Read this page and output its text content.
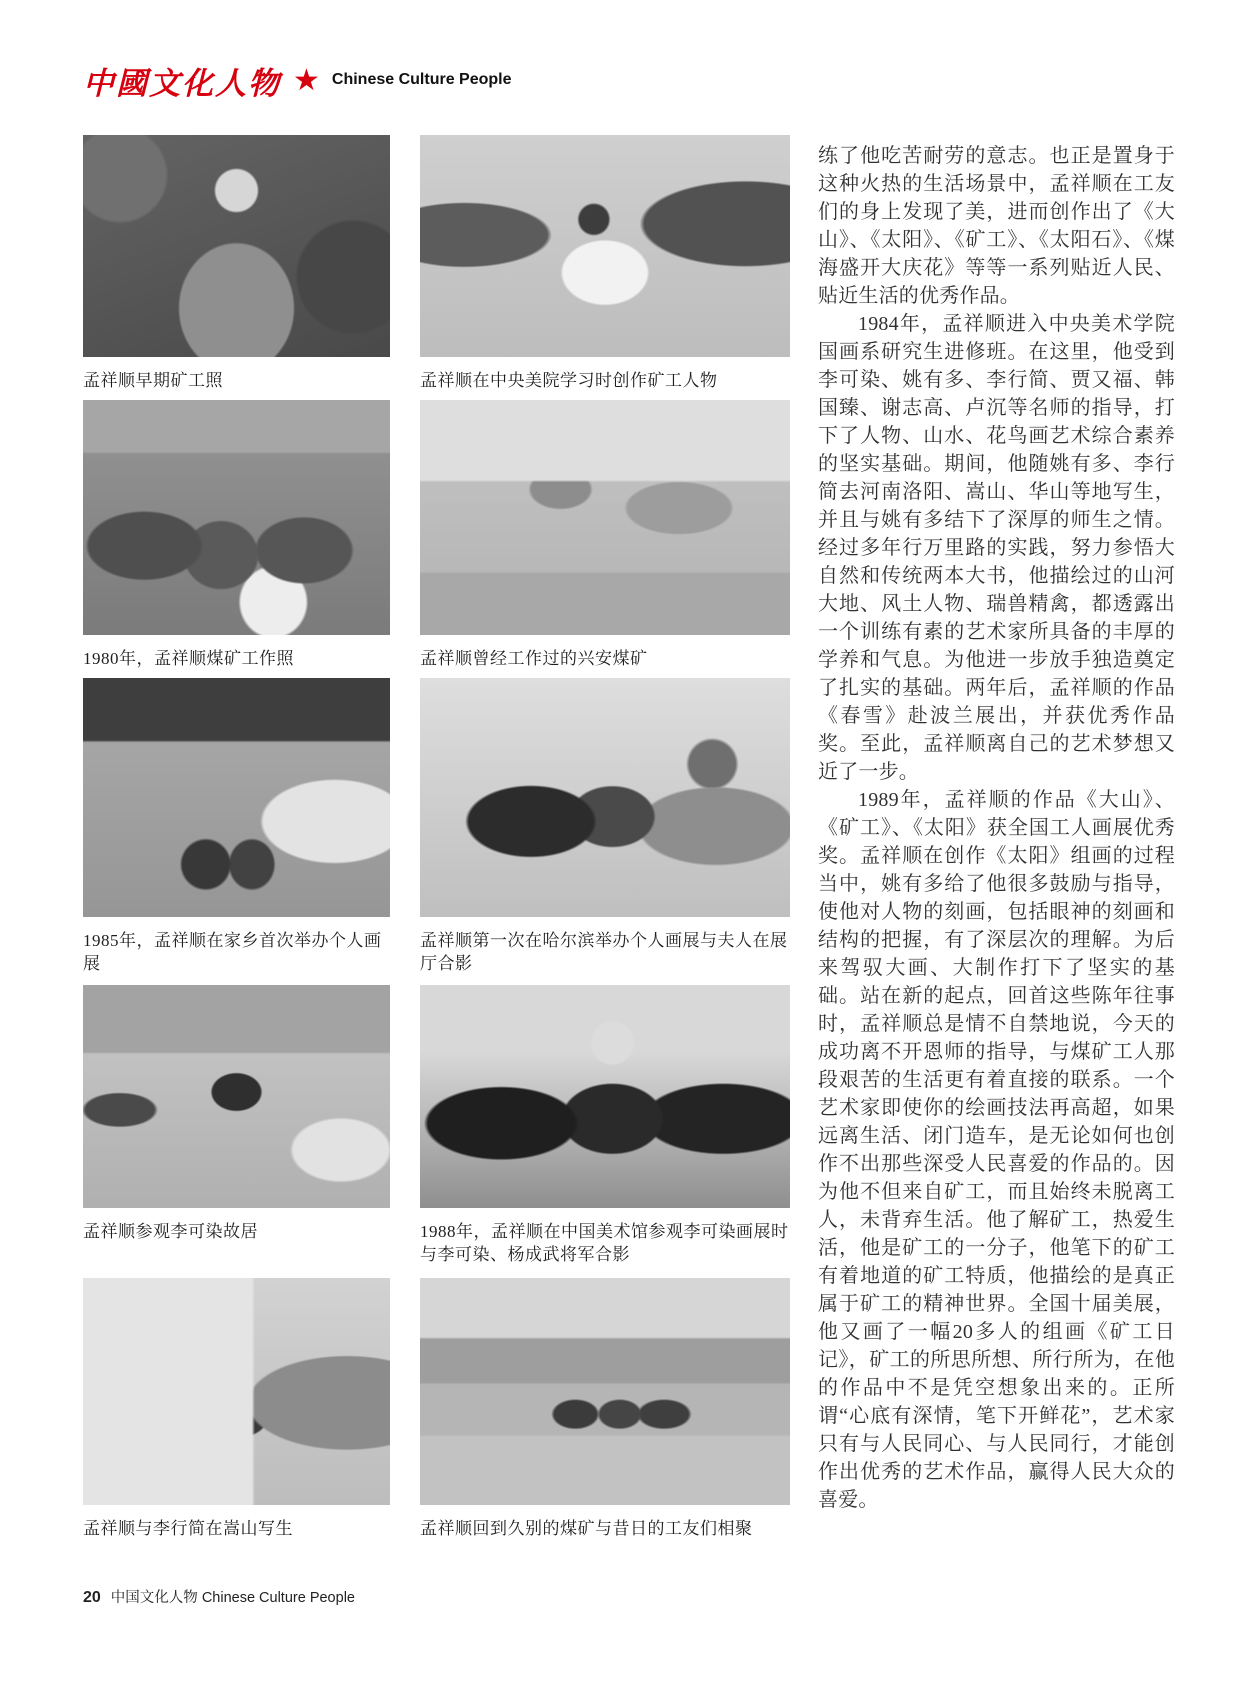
中國文化人物 ★ Chinese Culture People
孟祥顺早期矿工照	孟祥顺在中央美院学习时创作矿工人物
1980年，孟祥顺煤矿工作照	孟祥顺曾经工作过的兴安煤矿
1985年，孟祥顺在家乡首次举办个人画展
孟祥顺第一次在哈尔滨举办个人画展与夫人在展厅合影
孟祥顺参观李可染故居	1988年，孟祥顺在中国美术馆参观李可染画展时与李可染、杨成武将军合影
孟祥顺与李行简在嵩山写生	孟祥顺回到久别的煤矿与昔日的工友们相聚

练了他吃苦耐劳的意志。也正是置身于这种火热的生活场景中，孟祥顺在工友们的身上发现了美，进而创作出了《大山》、《太阳》、《矿工》、《太阳石》、《煤海盛开大庆花》等等一系列贴近人民、贴近生活的优秀作品。

1984年，孟祥顺进入中央美术学院国画系研究生进修班。在这里，他受到李可染、姚有多、李行简、贾又福、韩国臻、谢志高、卢沉等名师的指导，打下了人物、山水、花鸟画艺术综合素养的坚实基础。期间，他随姚有多、李行简去河南洛阳、嵩山、华山等地写生，并且与姚有多结下了深厚的师生之情。经过多年行万里路的实践，努力参悟大自然和传统两本大书，他描绘过的山河大地、风土人物、瑞兽精禽，都透露出一个训练有素的艺术家所具备的丰厚的学养和气息。为他进一步放手独造奠定了扎实的基础。两年后，孟祥顺的作品《春雪》赴波兰展出，并获优秀作品奖。至此，孟祥顺离自己的艺术梦想又近了一步。

1989年，孟祥顺的作品《大山》、《矿工》、《太阳》获全国工人画展优秀奖。孟祥顺在创作《太阳》组画的过程当中，姚有多给了他很多鼓励与指导，使他对人物的刻画，包括眼神的刻画和结构的把握，有了深层次的理解。为后来驾驭大画、大制作打下了坚实的基础。站在新的起点，回首这些陈年往事时，孟祥顺总是情不自禁地说，今天的成功离不开恩师的指导，与煤矿工人那段艰苦的生活更有着直接的联系。一个艺术家即使你的绘画技法再高超，如果远离生活、闭门造车，是无论如何也创作不出那些深受人民喜爱的作品的。因为他不但来自矿工，而且始终未脱离工人，未背弃生活。他了解矿工，热爱生活，他是矿工的一分子，他笔下的矿工有着地道的矿工特质，他描绘的是真正属于矿工的精神世界。全国十届美展，他又画了一幅20多人的组画《矿工日记》，矿工的所思所想、所行所为，在他的作品中不是凭空想象出来的。正所谓“心底有深情，笔下开鲜花”，艺术家只有与人民同心、与人民同行，才能创作出优秀的艺术作品，赢得人民大众的喜爱。

20 中国文化人物 Chinese Culture People
